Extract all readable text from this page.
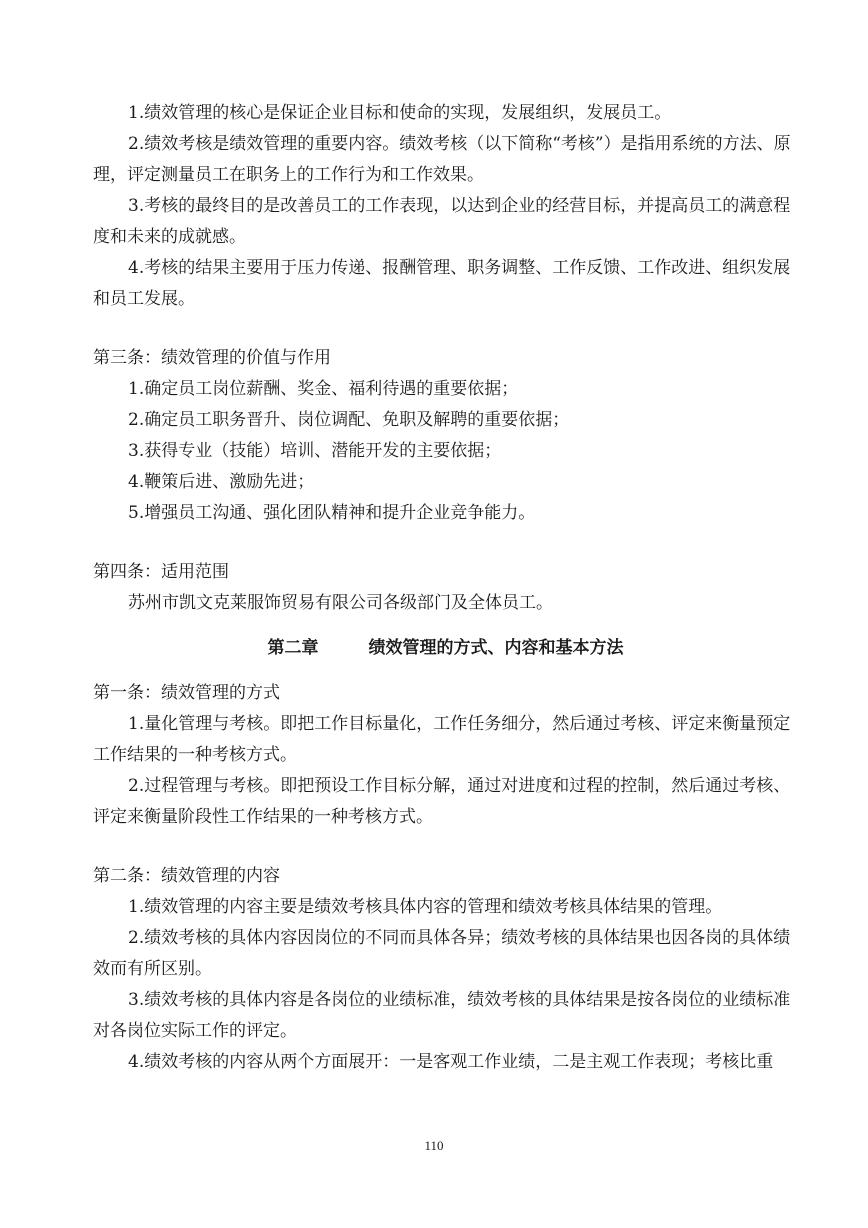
1.绩效管理的核心是保证企业目标和使命的实现，发展组织，发展员工。

2.绩效考核是绩效管理的重要内容。绩效考核（以下简称“考核”）是指用系统的方法、原理，评定测量员工在职务上的工作行为和工作效果。

3.考核的最终目的是改善员工的工作表现，以达到企业的经营目标，并提高员工的满意程度和未来的成就感。

4.考核的结果主要用于压力传递、报酬管理、职务调整、工作反馈、工作改进、组织发展和员工发展。

第三条：绩效管理的价值与作用

1.确定员工岗位薪酬、奖金、福利待遇的重要依据；

2.确定员工职务晋升、岗位调配、免职及解聘的重要依据；

3.获得专业（技能）培训、潜能开发的主要依据；

4.鞭策后进、激励先进；

5.增强员工沟通、强化团队精神和提升企业竞争能力。

第四条：适用范围

苏州市凯文克莱服饰贸易有限公司各级部门及全体员工。

第二章	绩效管理的方式、内容和基本方法

第一条：绩效管理的方式

1.量化管理与考核。即把工作目标量化，工作任务细分，然后通过考核、评定来衡量预定工作结果的一种考核方式。

2.过程管理与考核。即把预设工作目标分解，通过对进度和过程的控制，然后通过考核、评定来衡量阶段性工作结果的一种考核方式。

第二条：绩效管理的内容

1.绩效管理的内容主要是绩效考核具体内容的管理和绩效考核具体结果的管理。

2.绩效考核的具体内容因岗位的不同而具体各异；绩效考核的具体结果也因各岗的具体绩效而有所区别。

3.绩效考核的具体内容是各岗位的业绩标准，绩效考核的具体结果是按各岗位的业绩标准对各岗位实际工作的评定。

4.绩效考核的内容从两个方面展开：一是客观工作业绩，二是主观工作表现；考核比重

110
